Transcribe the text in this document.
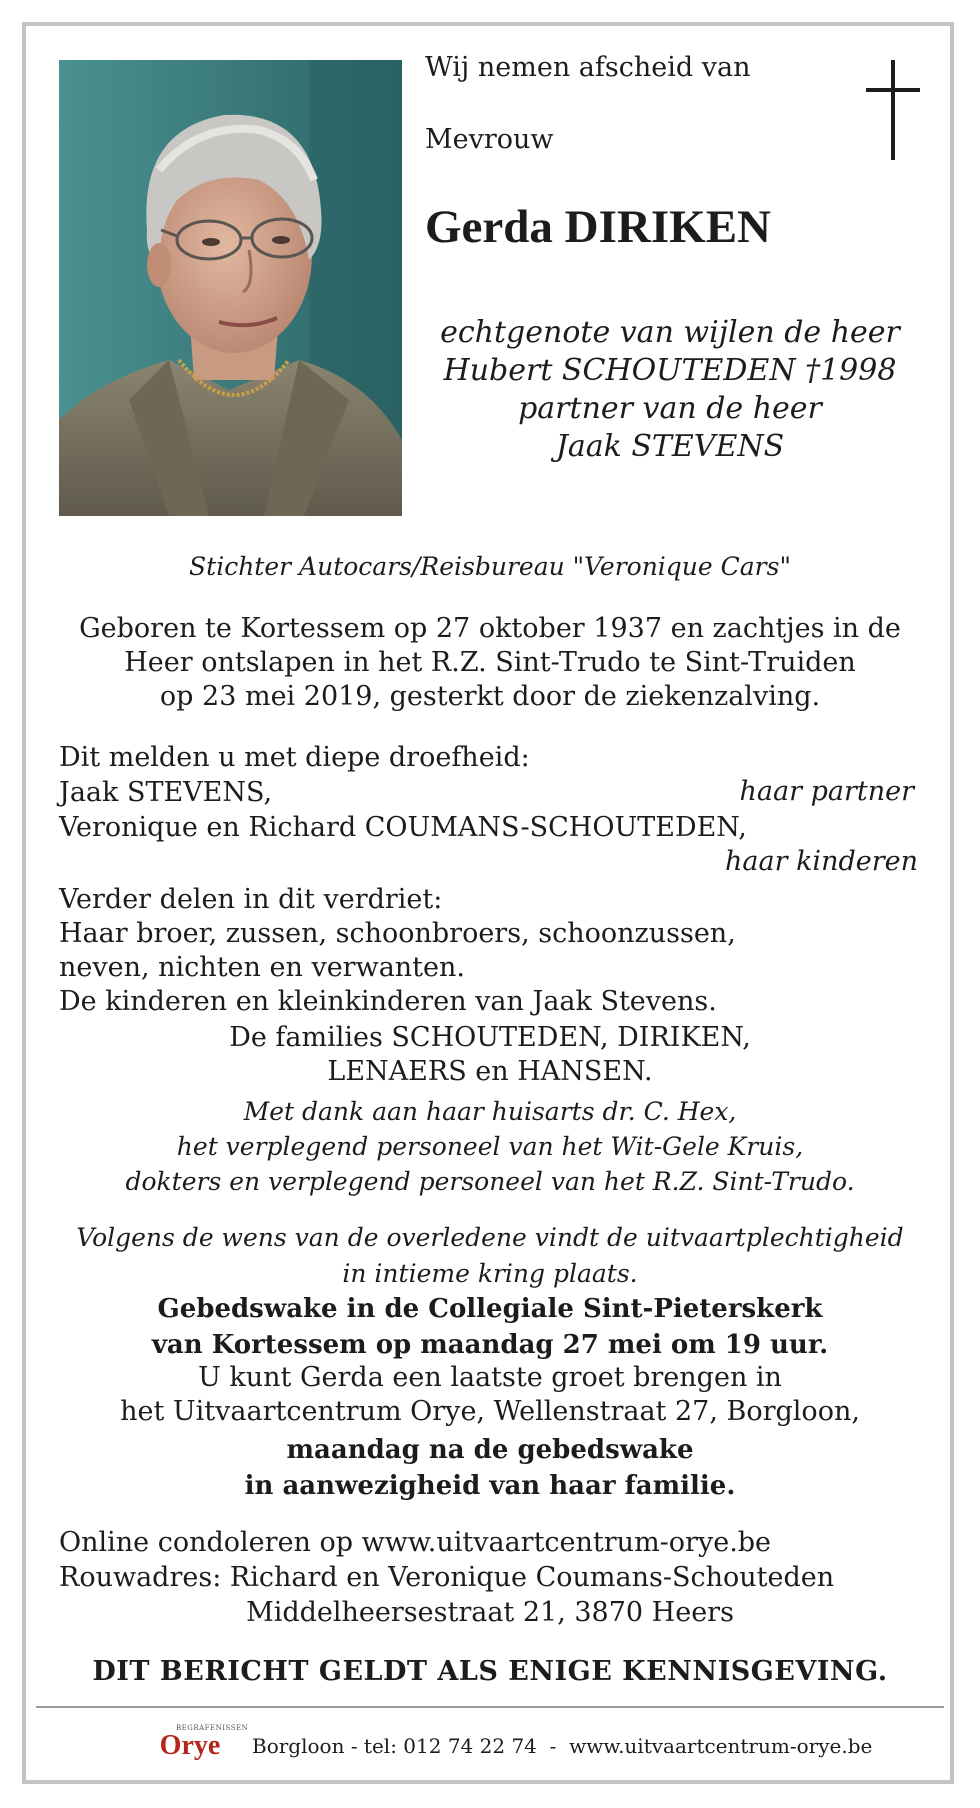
Wij nemen afscheid van
Mevrouw
Gerda DIRIKEN
echtgenote van wijlen de heer
Hubert SCHOUTEDEN †1998
partner van de heer
Jaak STEVENS
Stichter Autocars/Reisbureau "Veronique Cars"
Geboren te Kortessem op 27 oktober 1937 en zachtjes in de
Heer ontslapen in het R.Z. Sint-Trudo te Sint-Truiden
op 23 mei 2019, gesterkt door de ziekenzalving.
Dit melden u met diepe droefheid:
Jaak STEVENS,	haar partner
Veronique en Richard COUMANS-SCHOUTEDEN,
haar kinderen
Verder delen in dit verdriet:
Haar broer, zussen, schoonbroers, schoonzussen,
neven, nichten en verwanten.
De kinderen en kleinkinderen van Jaak Stevens.
De families SCHOUTEDEN, DIRIKEN,
LENAERS en HANSEN.
Met dank aan haar huisarts dr. C. Hex,
het verplegend personeel van het Wit-Gele Kruis,
dokters en verplegend personeel van het R.Z. Sint-Trudo.
Volgens de wens van de overledene vindt de uitvaartplechtigheid
in intieme kring plaats.
Gebedswake in de Collegiale Sint-Pieterskerk
van Kortessem op maandag 27 mei om 19 uur.
U kunt Gerda een laatste groet brengen in
het Uitvaartcentrum Orye, Wellenstraat 27, Borgloon,
maandag na de gebedswake
in aanwezigheid van haar familie.
Online condoleren op www.uitvaartcentrum-orye.be
Rouwadres: Richard en Veronique Coumans-Schouteden
Middelheersestraat 21, 3870 Heers
DIT BERICHT GELDT ALS ENIGE KENNISGEVING.
BEGRAFENISSEN
Orye	Borgloon - tel: 012 74 22 74  -  www.uitvaartcentrum-orye.be
